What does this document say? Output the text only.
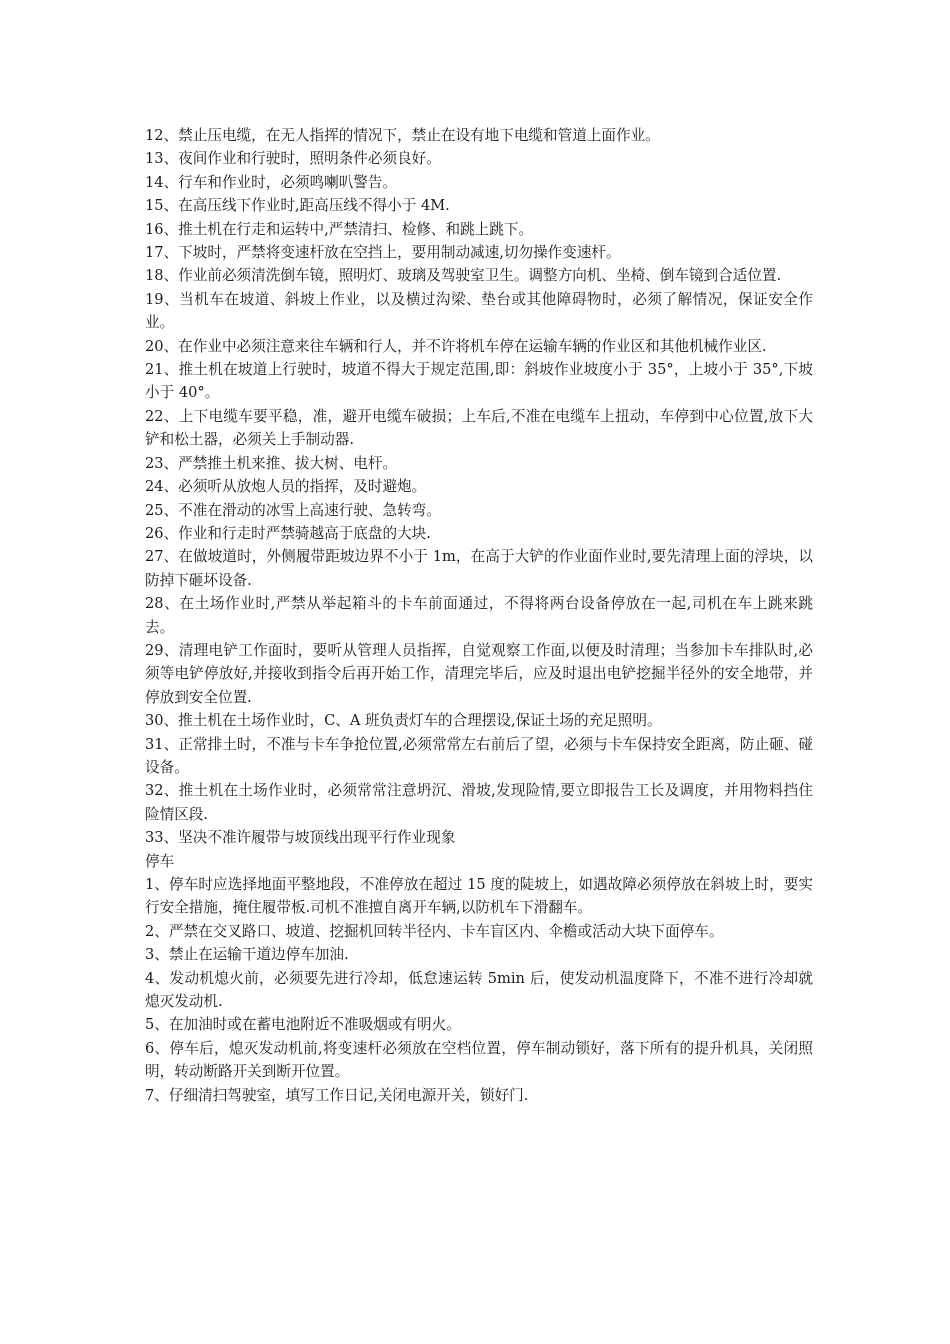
12、禁止压电缆，在无人指挥的情况下，禁止在设有地下电缆和管道上面作业。

13、夜间作业和行驶时，照明条件必须良好。

14、行车和作业时，必须鸣喇叭警告。

15、在高压线下作业时,距高压线不得小于 4M.

16、推土机在行走和运转中,严禁清扫、检修、和跳上跳下。

17、下坡时，严禁将变速杆放在空挡上，要用制动减速,切勿操作变速杆。

18、作业前必须清洗倒车镜，照明灯、玻璃及驾驶室卫生。调整方向机、坐椅、倒车镜到合适位置.

19、当机车在坡道、斜坡上作业，以及横过沟梁、垫台或其他障碍物时，必须了解情况，保证安全作业。

20、在作业中必须注意来往车辆和行人，并不许将机车停在运输车辆的作业区和其他机械作业区.

21、推土机在坡道上行驶时，坡道不得大于规定范围,即：斜坡作业坡度小于 35°，上坡小于 35°,下坡小于 40°。

22、上下电缆车要平稳，准，避开电缆车破损；上车后,不准在电缆车上扭动，车停到中心位置,放下大铲和松土器，必须关上手制动器.

23、严禁推土机来推、拔大树、电杆。

24、必须听从放炮人员的指挥，及时避炮。

25、不准在滑动的冰雪上高速行驶、急转弯。

26、作业和行走时严禁骑越高于底盘的大块.

27、在做坡道时，外侧履带距坡边界不小于 1m，在高于大铲的作业面作业时,要先清理上面的浮块，以防掉下砸坏设备.

28、在土场作业时,严禁从举起箱斗的卡车前面通过，不得将两台设备停放在一起,司机在车上跳来跳去。

29、清理电铲工作面时，要听从管理人员指挥，自觉观察工作面,以便及时清理；当参加卡车排队时,必须等电铲停放好,并接收到指令后再开始工作，清理完毕后，应及时退出电铲挖掘半径外的安全地带，并停放到安全位置.

30、推土机在土场作业时，C、A 班负责灯车的合理摆设,保证土场的充足照明。

31、正常排土时，不准与卡车争抢位置,必须常常左右前后了望，必须与卡车保持安全距离，防止砸、碰设备。

32、推土机在土场作业时，必须常常注意坍沉、滑坡,发现险情,要立即报告工长及调度，并用物料挡住险情区段.

33、坚决不准许履带与坡顶线出现平行作业现象

停车

1、停车时应选择地面平整地段，不准停放在超过 15 度的陡坡上，如遇故障必须停放在斜坡上时，要实行安全措施，掩住履带板.司机不准擅自离开车辆,以防机车下滑翻车。

2、严禁在交叉路口、坡道、挖掘机回转半径内、卡车盲区内、伞檐或活动大块下面停车。

3、禁止在运输干道边停车加油.

4、发动机熄火前，必须要先进行冷却，低怠速运转 5min 后，使发动机温度降下，不准不进行冷却就熄灭发动机.

5、在加油时或在蓄电池附近不准吸烟或有明火。

6、停车后，熄灭发动机前,将变速杆必须放在空档位置，停车制动锁好，落下所有的提升机具，关闭照明，转动断路开关到断开位置。

7、仔细清扫驾驶室，填写工作日记,关闭电源开关，锁好门.
